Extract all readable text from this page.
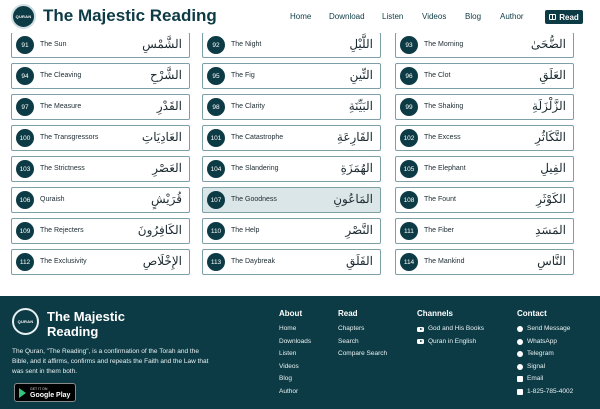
QURAN The Majestic Reading	Home Download Listen Videos Blog Author	Read
91	The Sun	الشَّمْسِ	92	The Night	اللَّيْلِ	93	The Morning	الضُّحَىٰ
94	The Cleaving	الشَّرْحِ	95	The Fig	التِّينِ	96	The Clot	العَلَقِ
97	The Measure	القَدْرِ	98	The Clarity	البَيِّنَةِ	99	The Shaking	الزَّلْزَلَةِ
100	The Transgressors	العَادِيَاتِ	101	The Catastrophe	القَارِعَةِ	102	The Excess	التَّكَاثُرِ
103	The Strictness	العَصْرِ	104	The Slandering	الهُمَزَةِ	105	The Elephant	الفِيلِ
106	Quraish	قُرَيْشٍ	107	The Goodness	المَاعُونِ	108	The Fount	الكَوْثَرِ
109	The Rejecters	الكَافِرُونَ	110	The Help	النَّصْرِ	111	The Fiber	المَسَدِ
112	The Exclusivity	الإِخْلَاصِ	113	The Daybreak	الفَلَقِ	114	The Mankind	النَّاسِ
QURAN The Majestic Reading
The Quran, "The Reading", is a confirmation of the Torah and the Bible, and it affirms, confirms and repeats the Faith and the Law that was sent in them both.
GET IT ON
Google Play
About
Home
Downloads
Listen
Videos
Blog
Author
Read
Chapters
Search
Compare Search
Channels
God and His Books
Quran in English
Contact
Send Message
WhatsApp
Telegram
Signal
Email
1-825-785-4002
